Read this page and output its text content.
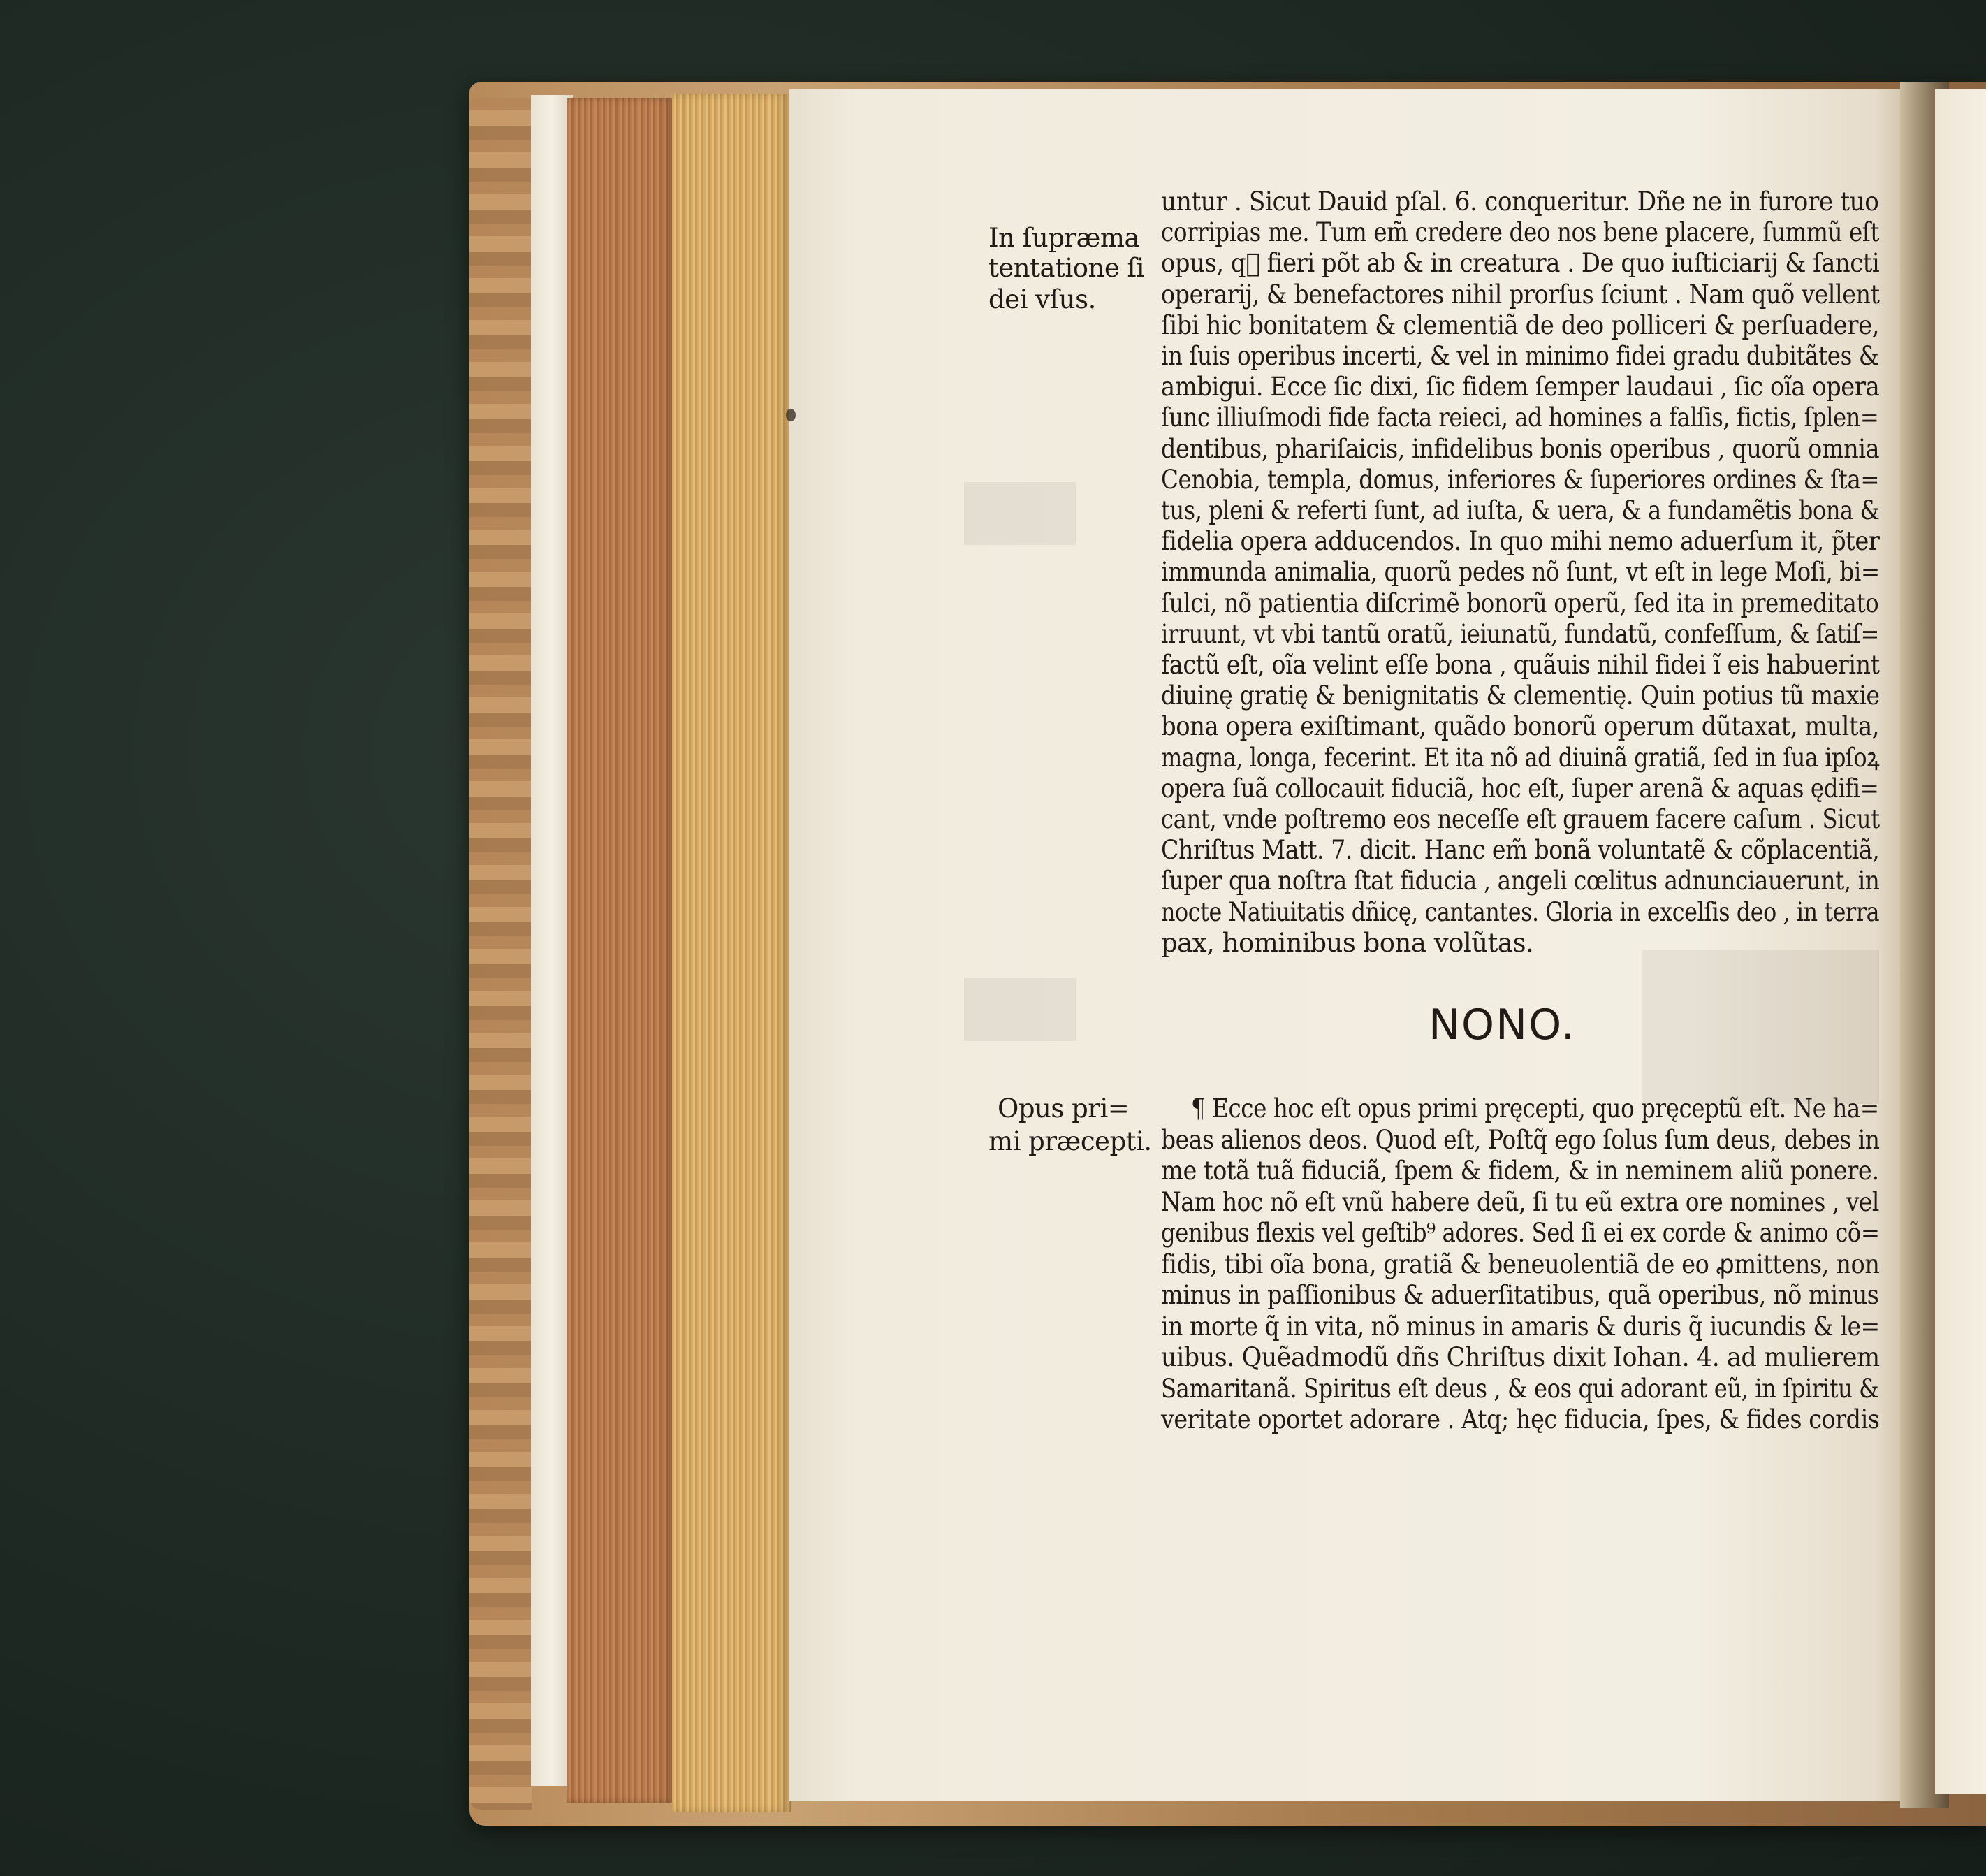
In ſupræma
tentatione ſi
dei vſus.
Opus pri=
mi præcepti.
untur . Sicut Dauid pſal. 6. conqueritur. Dñe ne in furore tuo
corripias me. Tum em̃ credere deo nos bene placere, ſummũ eſt
opus, q᷑ fieri põt ab & in creatura . De quo iuſticiarij & ſancti
operarij, & benefactores nihil prorſus ſciunt . Nam quõ vellent
ſibi hic bonitatem & clementiã de deo polliceri & perſuadere,
in ſuis operibus incerti, & vel in minimo fidei gradu dubitãtes &
ambigui. Ecce ſic dixi, ſic fidem ſemper laudaui , ſic oĩa opera
ſunc illiuſmodi fide facta reieci, ad homines a falſis, fictis, ſplen=
dentibus, phariſaicis, infidelibus bonis operibus , quorũ omnia
Cenobia, templa, domus, inferiores & ſuperiores ordines & ſta=
tus, pleni & referti ſunt, ad iuſta, & uera, & a fundamẽtis bona &
fidelia opera adducendos. In quo mihi nemo aduerſum it, p̃ter
immunda animalia, quorũ pedes nõ ſunt, vt eſt in lege Moſi, bi=
ſulci, nõ patientia diſcrimẽ bonorũ operũ, ſed ita in premeditato
irruunt, vt vbi tantũ oratũ, ieiunatũ, fundatũ, confeſſum, & ſatiſ=
factũ eſt, oĩa velint eſſe bona , quãuis nihil fidei ĩ eis habuerint
diuinę gratię & benignitatis & clementię. Quin potius tũ maxie
bona opera exiſtimant, quãdo bonorũ operum dũtaxat, multa,
magna, longa, fecerint. Et ita nõ ad diuinã gratiã, ſed in ſua ipſoꝝ
opera ſuã collocauit fiduciã, hoc eſt, ſuper arenã & aquas ędifi=
cant, vnde poſtremo eos neceſſe eſt grauem facere caſum . Sicut
Chriſtus Matt. 7. dicit. Hanc em̃ bonã voluntatẽ & cõplacentiã,
ſuper qua noſtra ſtat fiducia , angeli cœlitus adnunciauerunt, in
nocte Natiuitatis dñicę, cantantes. Gloria in excelſis deo , in terra
pax, hominibus bona volũtas.
NONO.
¶ Ecce hoc eſt opus primi pręcepti, quo pręceptũ eſt. Ne ha=
beas alienos deos. Quod eſt, Poſtq̃ ego ſolus ſum deus, debes in
me totã tuã fiduciã, ſpem & fidem, & in neminem aliũ ponere.
Nam hoc nõ eſt vnũ habere deũ, ſi tu eũ extra ore nomines , vel
genibus flexis vel geſtib⁹ adores. Sed ſi ei ex corde & animo cõ=
fidis, tibi oĩa bona, gratiã & beneuolentiã de eo ꝓmittens, non
minus in paſſionibus & aduerſitatibus, quã operibus, nõ minus
in morte q̃ in vita, nõ minus in amaris & duris q̃ iucundis & le=
uibus. Quẽadmodũ dñs Chriſtus dixit Iohan. 4. ad mulierem
Samaritanã. Spiritus eſt deus , & eos qui adorant eũ, in ſpiritu &
veritate oportet adorare . Atq; hęc fiducia, ſpes, & fides cordis
